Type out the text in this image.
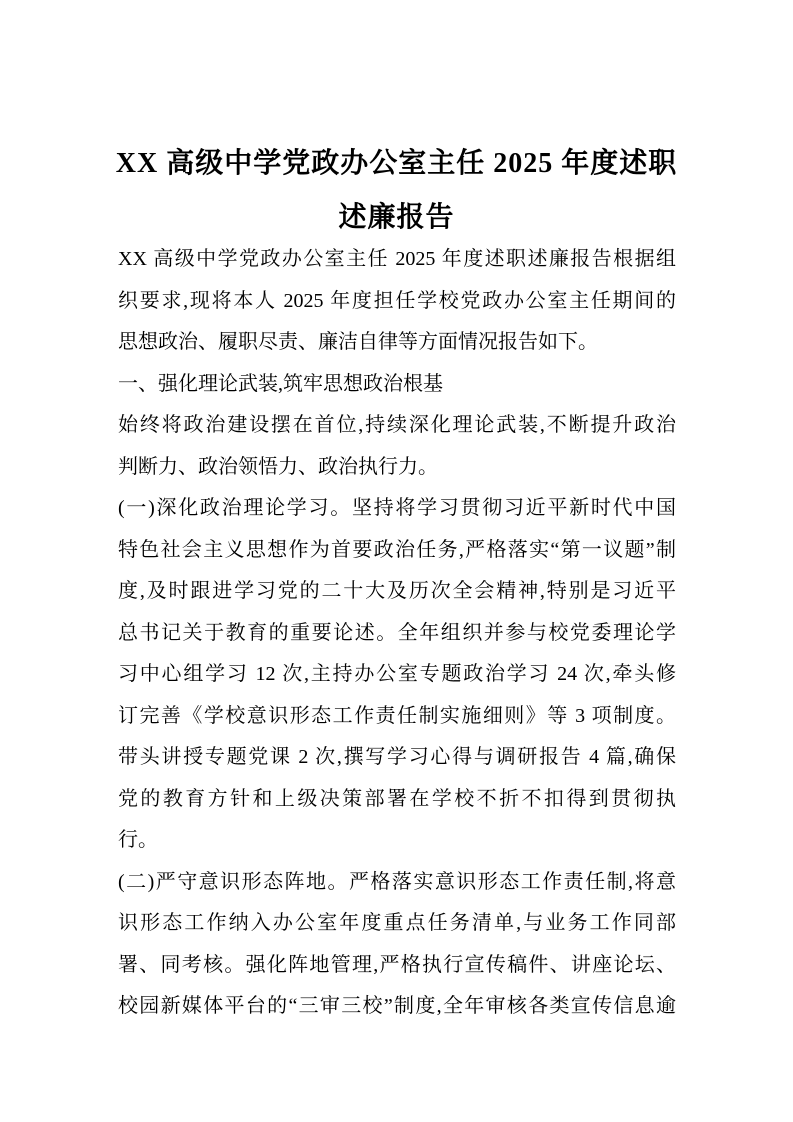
XX 高级中学党政办公室主任 2025 年度述职
述廉报告
XX 高级中学党政办公室主任 2025 年度述职述廉报告根据组
织要求,现将本人 2025 年度担任学校党政办公室主任期间的
思想政治、履职尽责、廉洁自律等方面情况报告如下。
一、强化理论武装,筑牢思想政治根基
始终将政治建设摆在首位,持续深化理论武装,不断提升政治
判断力、政治领悟力、政治执行力。
(一)深化政治理论学习。坚持将学习贯彻习近平新时代中国
特色社会主义思想作为首要政治任务,严格落实“第一议题”制
度,及时跟进学习党的二十大及历次全会精神,特别是习近平
总书记关于教育的重要论述。全年组织并参与校党委理论学
习中心组学习 12 次,主持办公室专题政治学习 24 次,牵头修
订完善《学校意识形态工作责任制实施细则》等 3 项制度。
带头讲授专题党课 2 次,撰写学习心得与调研报告 4 篇,确保
党的教育方针和上级决策部署在学校不折不扣得到贯彻执
行。
(二)严守意识形态阵地。严格落实意识形态工作责任制,将意
识形态工作纳入办公室年度重点任务清单,与业务工作同部
署、同考核。强化阵地管理,严格执行宣传稿件、讲座论坛、
校园新媒体平台的“三审三校”制度,全年审核各类宣传信息逾
